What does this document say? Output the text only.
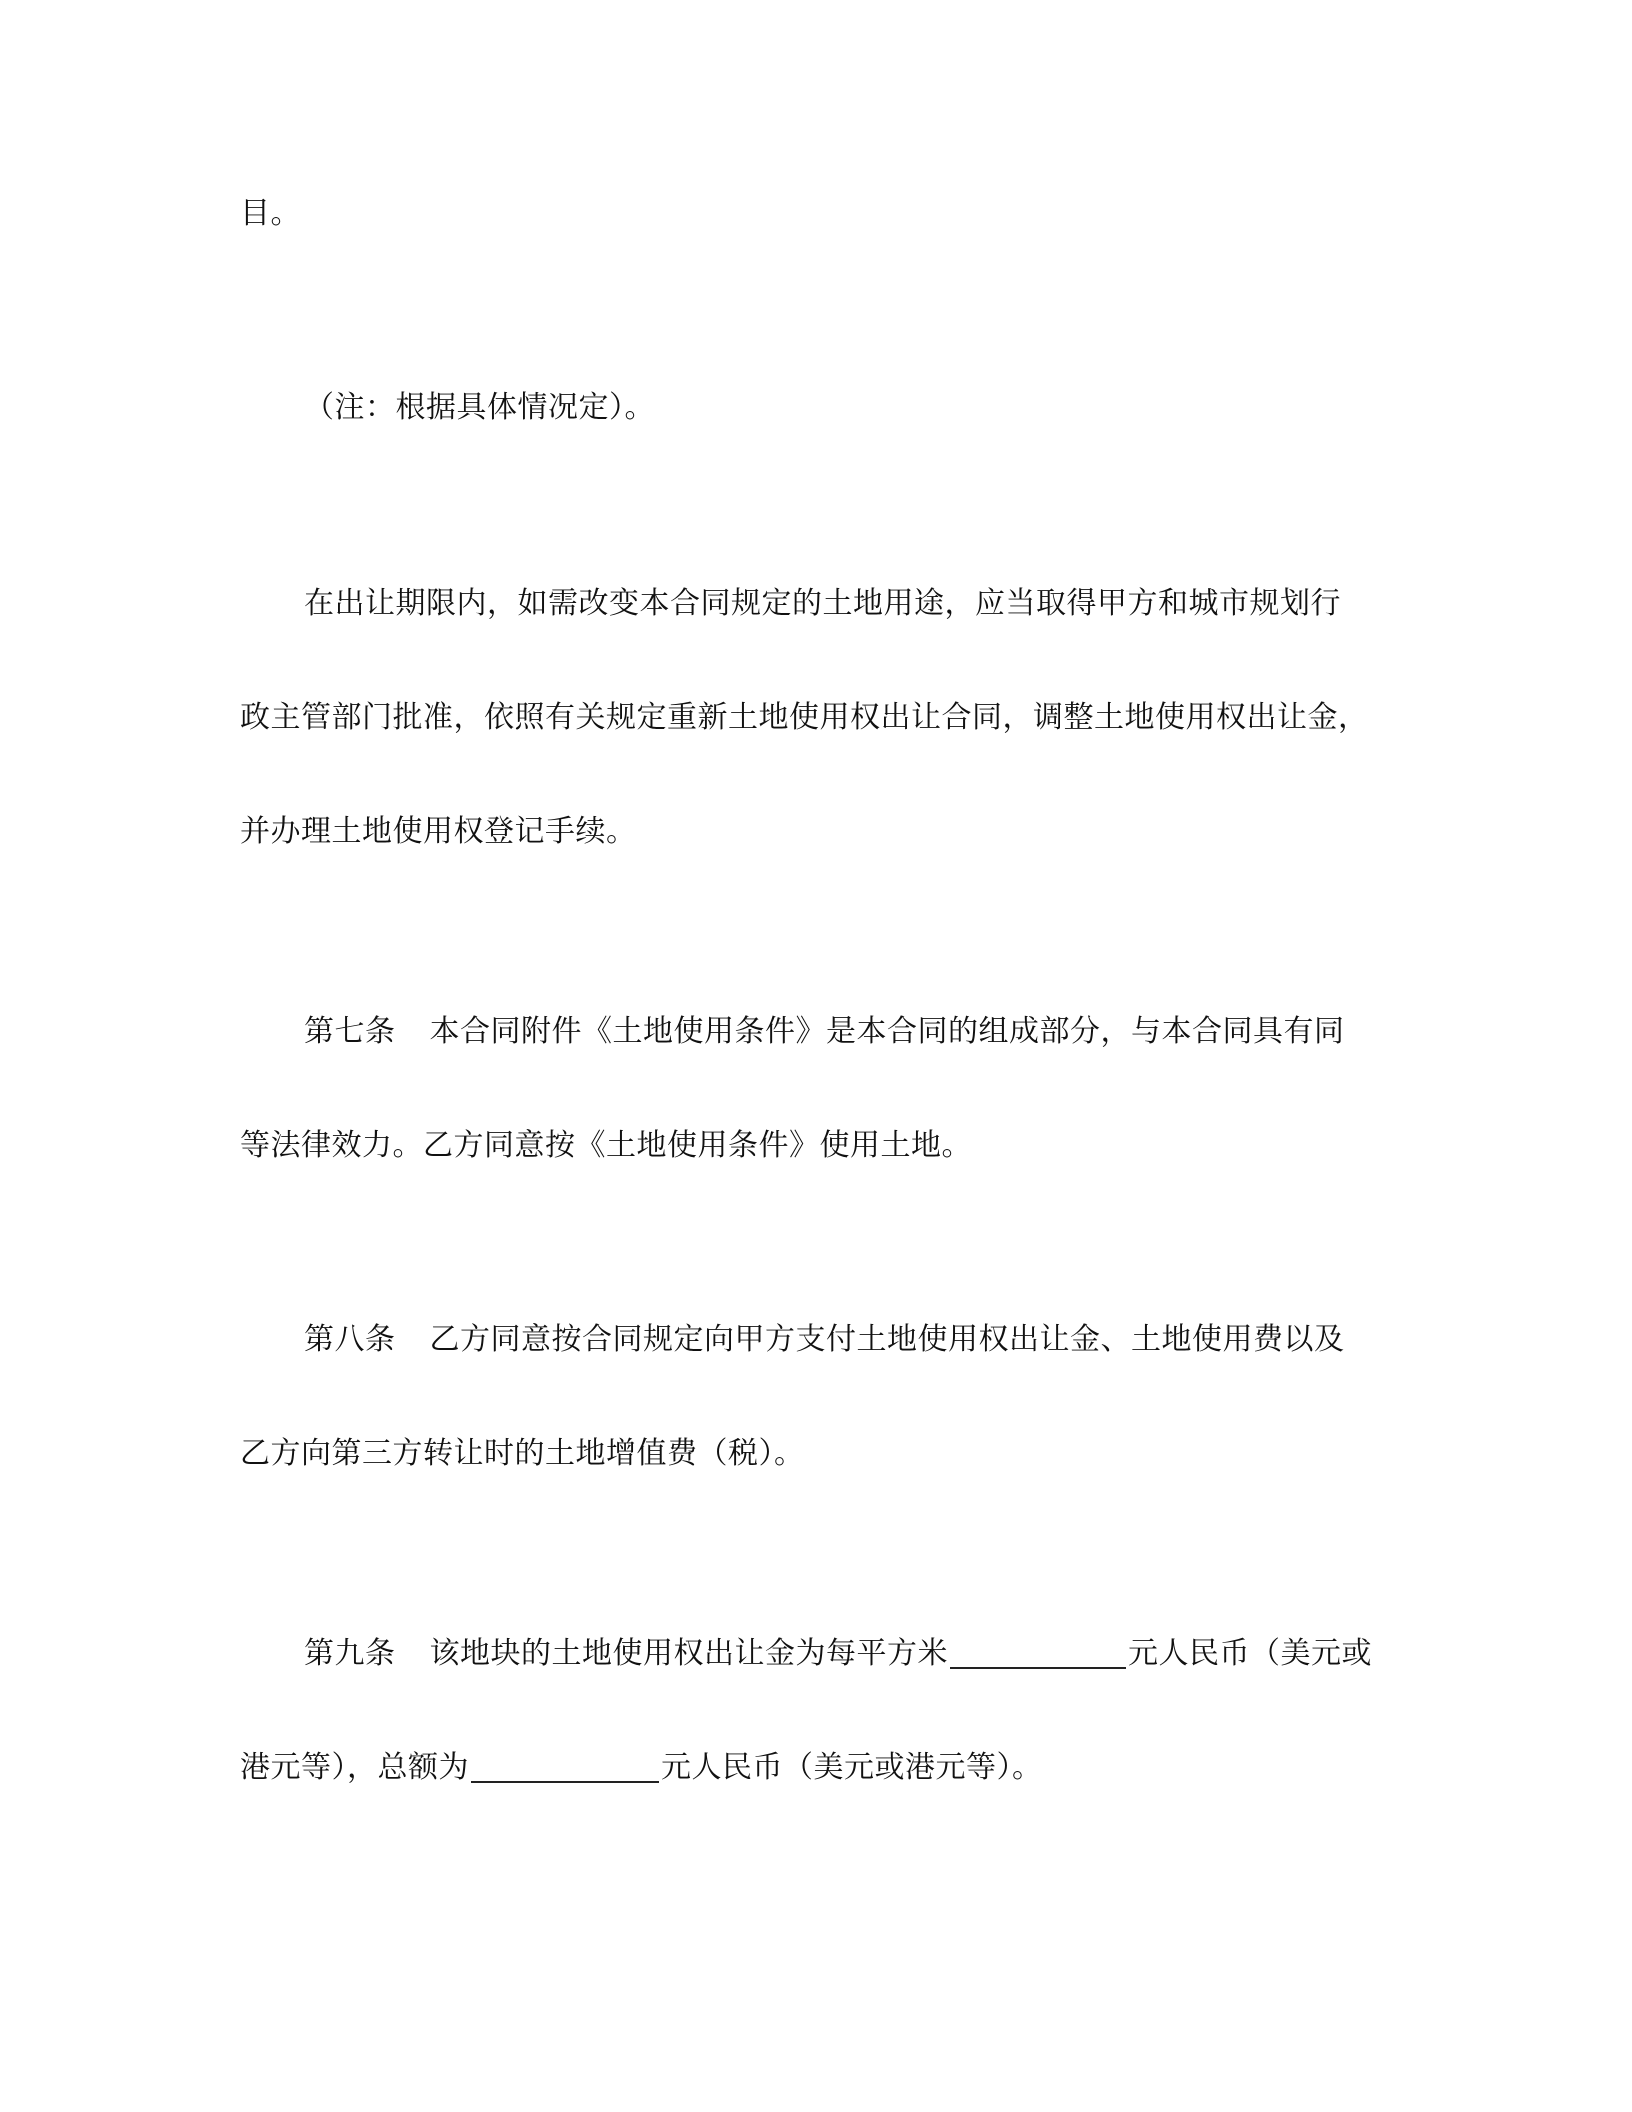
目。
（注：根据具体情况定）。
在出让期限内，如需改变本合同规定的土地用途，应当取得甲方和城市规划行
政主管部门批准，依照有关规定重新土地使用权出让合同，调整土地使用权出让金，
并办理土地使用权登记手续。
第七条 本合同附件《土地使用条件》是本合同的组成部分，与本合同具有同
等法律效力。乙方同意按《土地使用条件》使用土地。
第八条 乙方同意按合同规定向甲方支付土地使用权出让金、土地使用费以及
乙方向第三方转让时的土地增值费（税）。
第九条 该地块的土地使用权出让金为每平方米	元人民币（美元或
港元等），总额为	元人民币（美元或港元等）。
